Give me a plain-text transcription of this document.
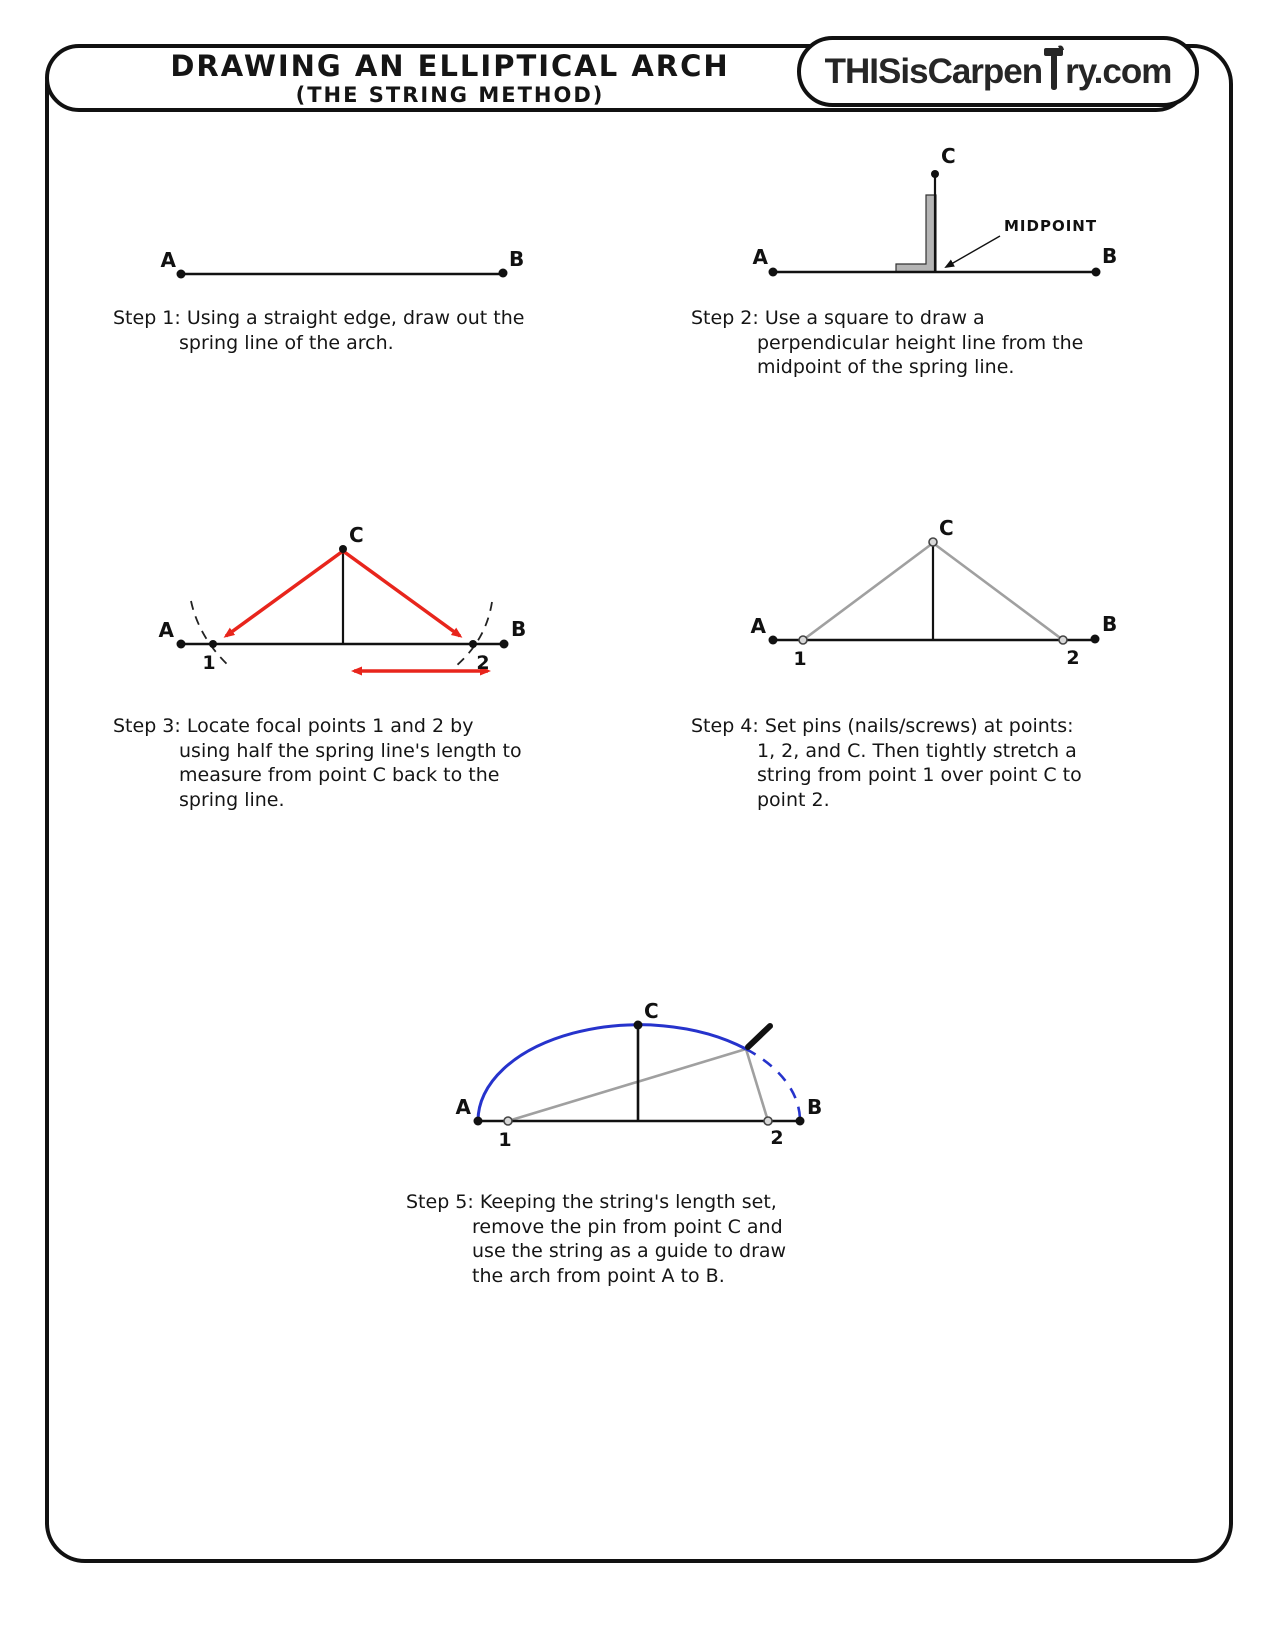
DRAWING AN ELLIPTICAL ARCH
(THE STRING METHOD)
THISisCarpen ry.com
A	B	A	B
C
MIDPOINT
A	B
C
1	2
A	B
C
1	2
A	B
C
1	2
Step 1: Using a straight edge, draw out the
spring line of the arch.
Step 2: Use a square to draw a
perpendicular height line from the
midpoint of the spring line.
Step 3: Locate focal points 1 and 2 by
using half the spring line's length to
measure from point C back to the
spring line.
Step 4: Set pins (nails/screws) at points:
1, 2, and C. Then tightly stretch a
string from point 1 over point C to
point 2.
Step 5: Keeping the string's length set,
remove the pin from point C and
use the string as a guide to draw
the arch from point A to B.
